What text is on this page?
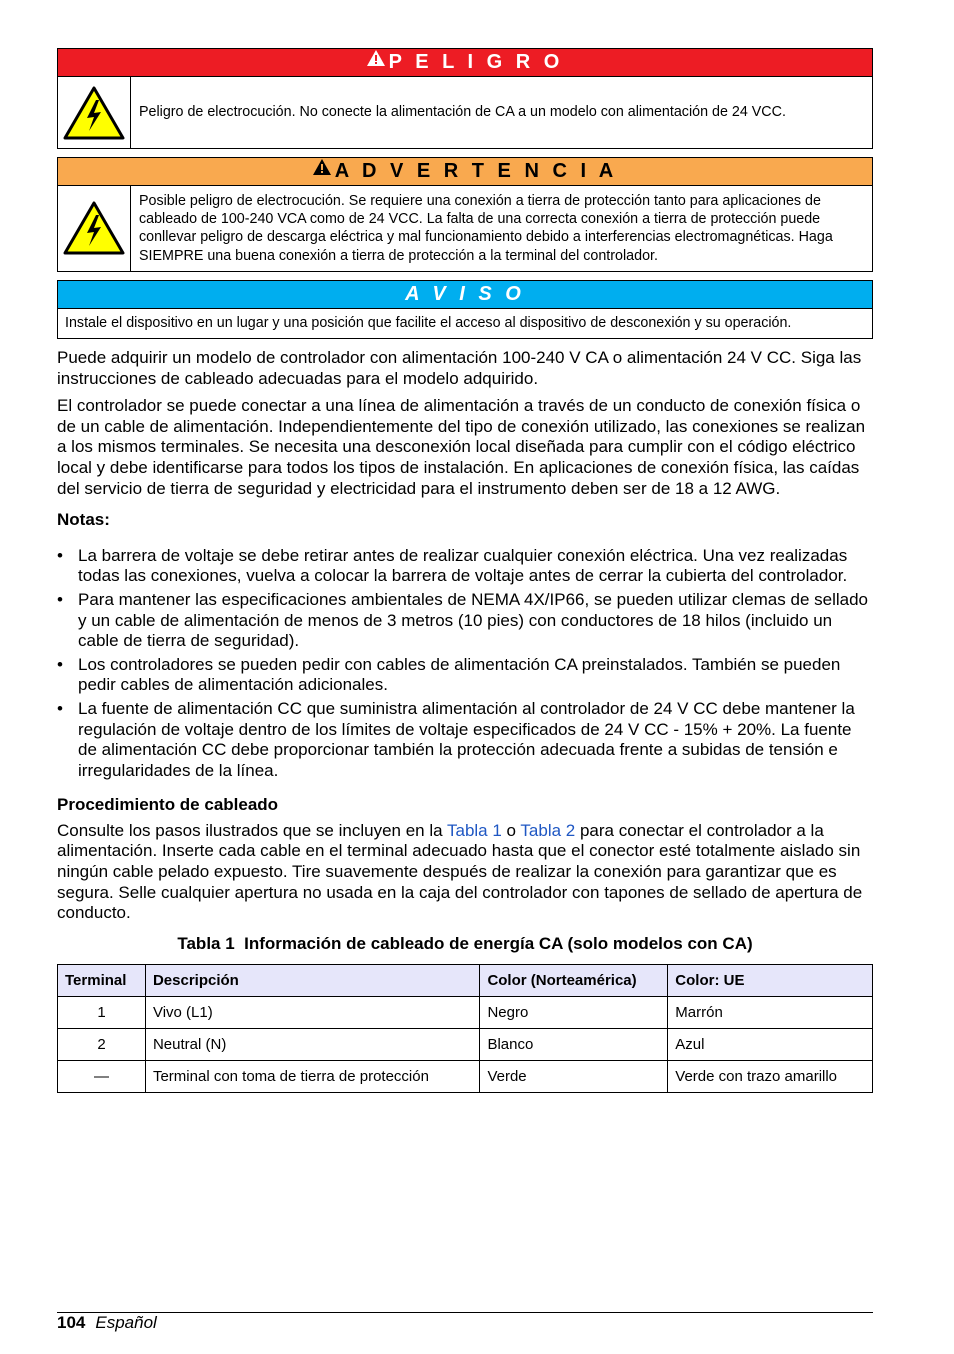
P E L I G R O
Peligro de electrocución. No conecte la alimentación de CA a un modelo con alimentación de 24 VCC.
A D V E R T E N C I A
Posible peligro de electrocución. Se requiere una conexión a tierra de protección tanto para aplicaciones de cableado de 100-240 VCA como de 24 VCC. La falta de una correcta conexión a tierra de protección puede conllevar peligro de descarga eléctrica y mal funcionamiento debido a interferencias electromagnéticas. Haga SIEMPRE una buena conexión a tierra de protección a la terminal del controlador.
A V I S O
Instale el dispositivo en un lugar y una posición que facilite el acceso al dispositivo de desconexión y su operación.

Puede adquirir un modelo de controlador con alimentación 100-240 V CA o alimentación 24 V CC. Siga las instrucciones de cableado adecuadas para el modelo adquirido.

El controlador se puede conectar a una línea de alimentación a través de un conducto de conexión física o de un cable de alimentación. Independientemente del tipo de conexión utilizado, las conexiones se realizan a los mismos terminales. Se necesita una desconexión local diseñada para cumplir con el código eléctrico local y debe identificarse para todos los tipos de instalación. En aplicaciones de conexión física, las caídas del servicio de tierra de seguridad y electricidad para el instrumento deben ser de 18 a 12 AWG.

Notas:

• La barrera de voltaje se debe retirar antes de realizar cualquier conexión eléctrica. Una vez realizadas todas las conexiones, vuelva a colocar la barrera de voltaje antes de cerrar la cubierta del controlador.
• Para mantener las especificaciones ambientales de NEMA 4X/IP66, se pueden utilizar clemas de sellado y un cable de alimentación de menos de 3 metros (10 pies) con conductores de 18 hilos (incluido un cable de tierra de seguridad).
• Los controladores se pueden pedir con cables de alimentación CA preinstalados. También se pueden pedir cables de alimentación adicionales.
• La fuente de alimentación CC que suministra alimentación al controlador de 24 V CC debe mantener la regulación de voltaje dentro de los límites de voltaje especificados de 24 V CC - 15% + 20%. La fuente de alimentación CC debe proporcionar también la protección adecuada frente a subidas de tensión e irregularidades de la línea.

Procedimiento de cableado

Consulte los pasos ilustrados que se incluyen en la Tabla 1 o Tabla 2 para conectar el controlador a la alimentación. Inserte cada cable en el terminal adecuado hasta que el conector esté totalmente aislado sin ningún cable pelado expuesto. Tire suavemente después de realizar la conexión para garantizar que es segura. Selle cualquier apertura no usada en la caja del controlador con tapones de sellado de apertura de conducto.

Tabla 1  Información de cableado de energía CA (solo modelos con CA)
Terminal	Descripción	Color (Norteamérica)	Color: UE
1	Vivo (L1)	Negro	Marrón
2	Neutral (N)	Blanco	Azul
—	Terminal con toma de tierra de protección	Verde	Verde con trazo amarillo
104 Español
